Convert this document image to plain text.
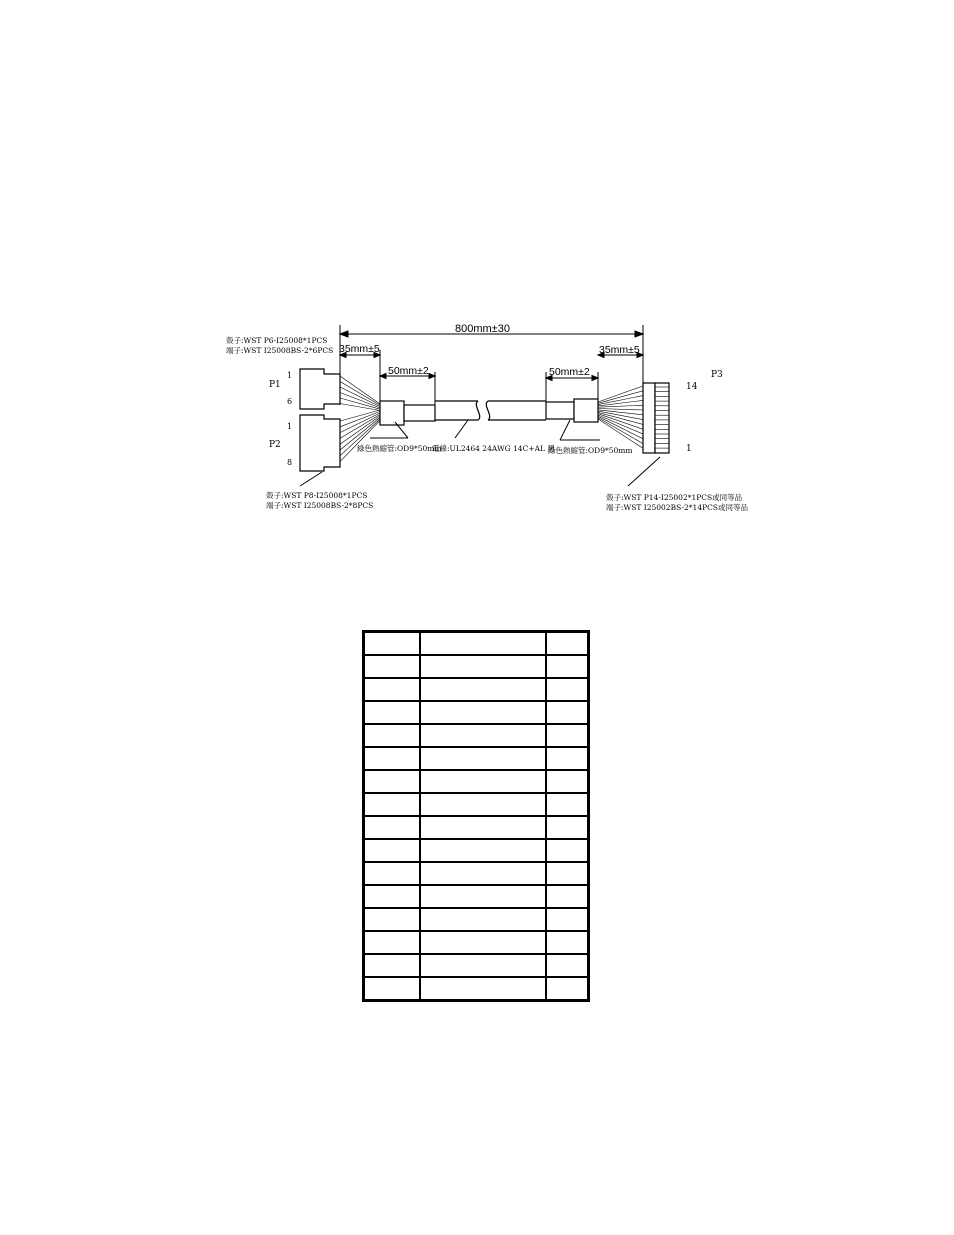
800mm±30
35mm±5
50mm±2	50mm±2
35mm±5
P1
1
6
殼子:WST P6-I25008*1PCS
端子:WST I25008BS-2*6PCS
P2
1
8
殼子:WST P8-I25008*1PCS
端子:WST I25008BS-2*8PCS
綠色熱縮管:OD9*50mm
電線:UL2464 24AWG 14C+AL 黑
綠色熱縮管:OD9*50mm
P3
14
1
殼子:WST P14-I25002*1PCS或同等品
端子:WST I25002BS-2*14PCS或同等品
